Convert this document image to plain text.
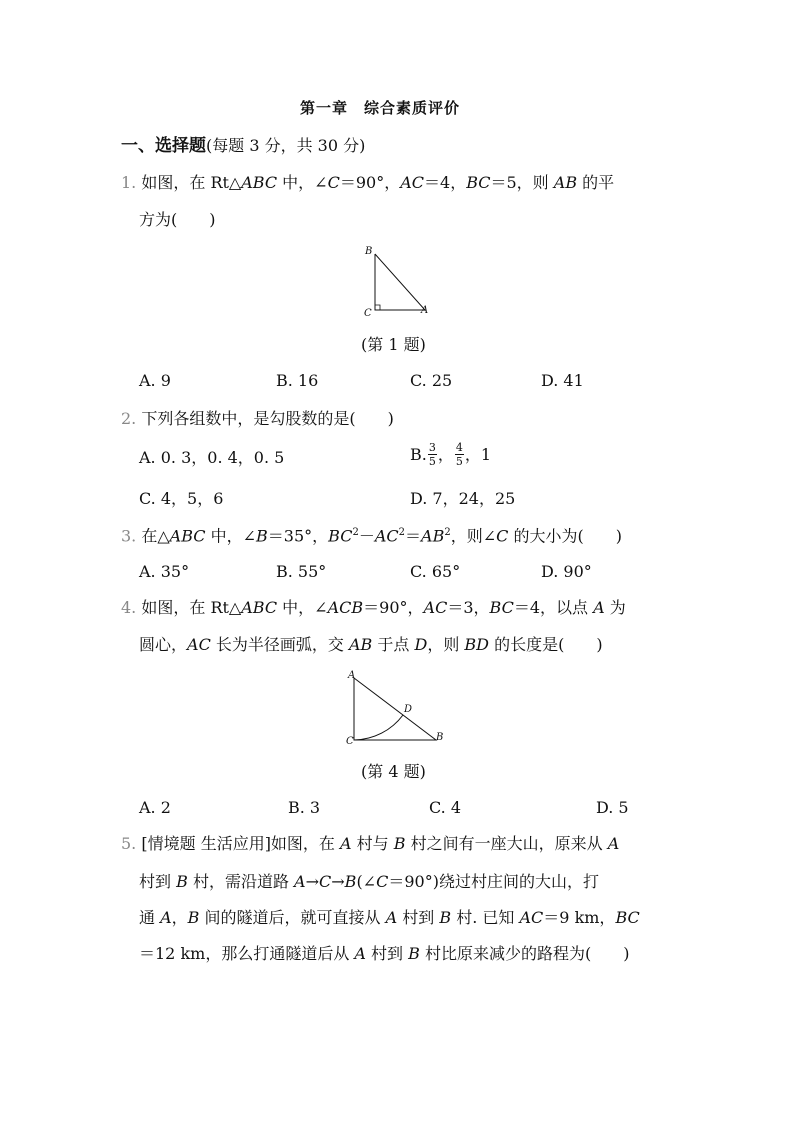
第一章　综合素质评价
一、选择题(每题 3 分，共 30 分)
1. 如图，在 Rt△ABC 中，∠C＝90°，AC＝4，BC＝5，则 AB 的平
方为(　　)
B
C	A
(第 1 题)
A. 9	B. 16	C. 25	D. 41
2. 下列各组数中，是勾股数的是(　　)
A. 0. 3，0. 4，0. 5	B. $\frac{3}{5}$ ， $\frac{4}{5}$ ，1
C. 4，5，6	D. 7，24，25
3. 在△ABC 中，∠B＝35°，$BC^2-AC^2=AB^2$，则∠C 的大小为(　　)
A. 35°	B. 55°	C. 65°	D. 90°
4. 如图，在 Rt△ABC 中，∠ACB＝90°，AC＝3，BC＝4，以点 A 为
圆心，AC 长为半径画弧，交 AB 于点 D，则 BD 的长度是(　　)
A
D
C	B
(第 4 题)
A. 2	B. 3	C. 4	D. 5
5. [情境题 生活应用]如图，在 A 村与 B 村之间有一座大山，原来从 A
村到 B 村，需沿道路 A→C→B(∠C＝90°)绕过村庄间的大山，打
通 A，B 间的隧道后，就可直接从 A 村到 B 村. 已知 AC＝9 km，BC
＝12 km，那么打通隧道后从 A 村到 B 村比原来减少的路程为(　　)
